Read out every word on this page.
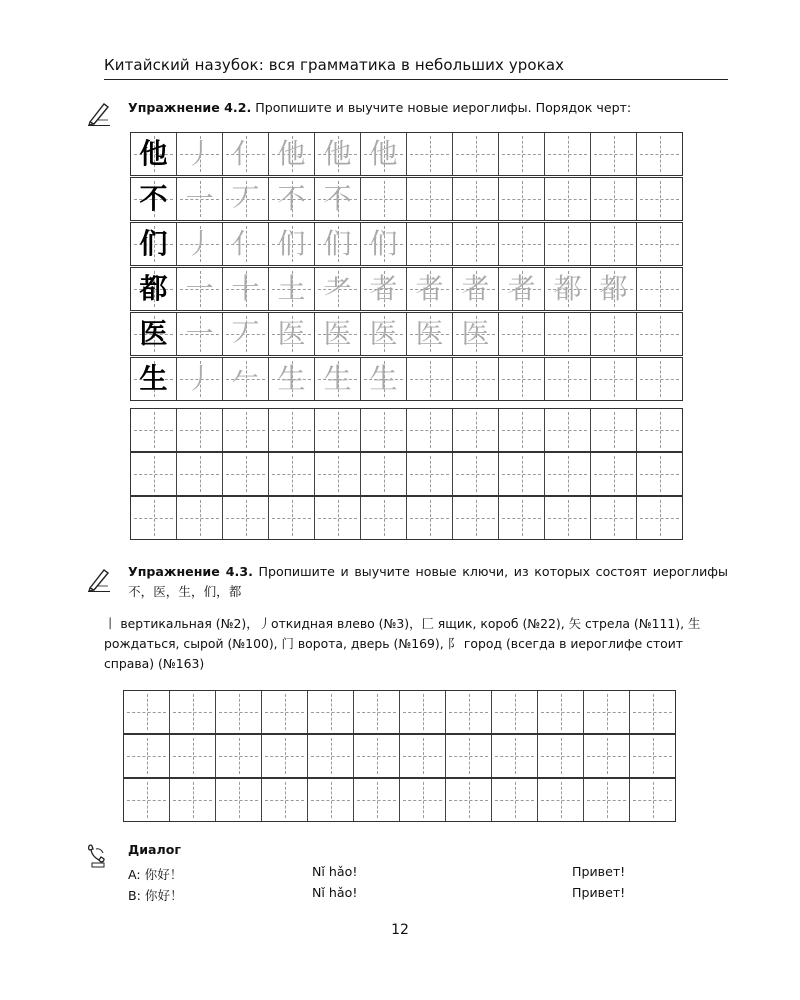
Китайский назубок: вся грамматика в небольших уроках
Упражнение 4.2. Пропишите и выучите новые иероглифы. Порядок черт:
他 丿 亻 他 他 他
不 一 丆 不 不
们 丿 亻 们 们 们
都 一 十 土 耂 者 者 者 者 都 都
医 一 丆 医 医 医 医 医
生 丿 𠂉 生 生 生
Упражнение 4.3. Пропишите и выучите новые ключи, из которых состоят иероглифы 不，医，生，们，都
丨 вертикальная (№2)，丿откидная влево (№3)，匚 ящик, короб (№22), 矢 стрела (№111), 生 рождаться, сырой (№100), 门 ворота, дверь (№169), 阝 город (всегда в иероглифе стоит справа) (№163)
Диалог
A: 你好！	Nǐ hǎo!	Привет!
B: 你好！	Nǐ hǎo!	Привет!
12
